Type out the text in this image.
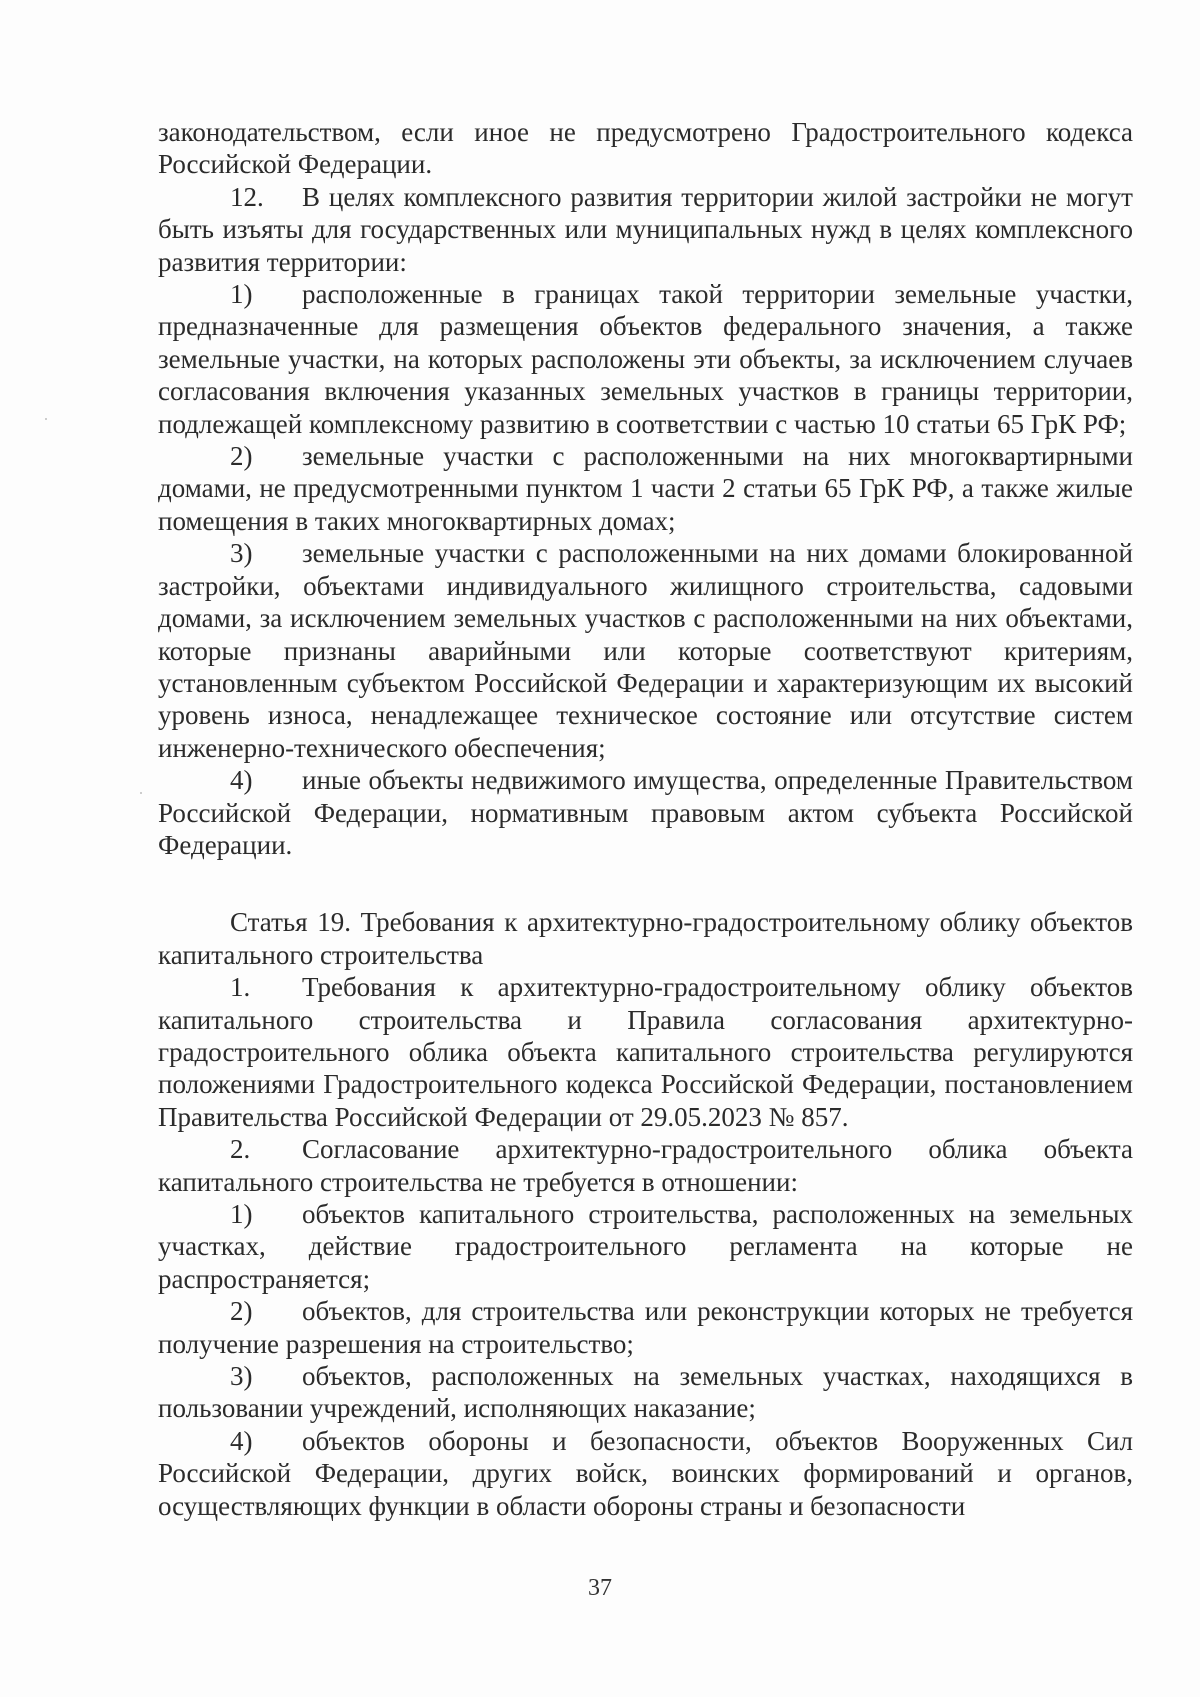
законодательством, если иное не предусмотрено Градостроительного кодекса Российской Федерации.

12. В целях комплексного развития территории жилой застройки не могут быть изъяты для государственных или муниципальных нужд в целях комплексного развития территории:

1) расположенные в границах такой территории земельные участки, предназначенные для размещения объектов федерального значения, а также земельные участки, на которых расположены эти объекты, за исключением случаев согласования включения указанных земельных участков в границы территории, подлежащей комплексному развитию в соответствии с частью 10 статьи 65 ГрК РФ;

2) земельные участки с расположенными на них многоквартирными домами, не предусмотренными пунктом 1 части 2 статьи 65 ГрК РФ, а также жилые помещения в таких многоквартирных домах;

3) земельные участки с расположенными на них домами блокированной застройки, объектами индивидуального жилищного строительства, садовыми домами, за исключением земельных участков с расположенными на них объектами, которые признаны аварийными или которые соответствуют критериям, установленным субъектом Российской Федерации и характеризующим их высокий уровень износа, ненадлежащее техническое состояние или отсутствие систем инженерно-технического обеспечения;

4) иные объекты недвижимого имущества, определенные Правительством Российской Федерации, нормативным правовым актом субъекта Российской Федерации.

Статья 19. Требования к архитектурно-градостроительному облику объектов капитального строительства

1. Требования к архитектурно-градостроительному облику объектов капитального строительства и Правила согласования архитектурно-градостроительного облика объекта капитального строительства регулируются положениями Градостроительного кодекса Российской Федерации, постановлением Правительства Российской Федерации от 29.05.2023 № 857.

2. Согласование архитектурно-градостроительного облика объекта капитального строительства не требуется в отношении:

1) объектов капитального строительства, расположенных на земельных участках, действие градостроительного регламента на которые не распространяется;

2) объектов, для строительства или реконструкции которых не требуется получение разрешения на строительство;

3) объектов, расположенных на земельных участках, находящихся в пользовании учреждений, исполняющих наказание;

4) объектов обороны и безопасности, объектов Вооруженных Сил Российской Федерации, других войск, воинских формирований и органов, осуществляющих функции в области обороны страны и безопасности

37
